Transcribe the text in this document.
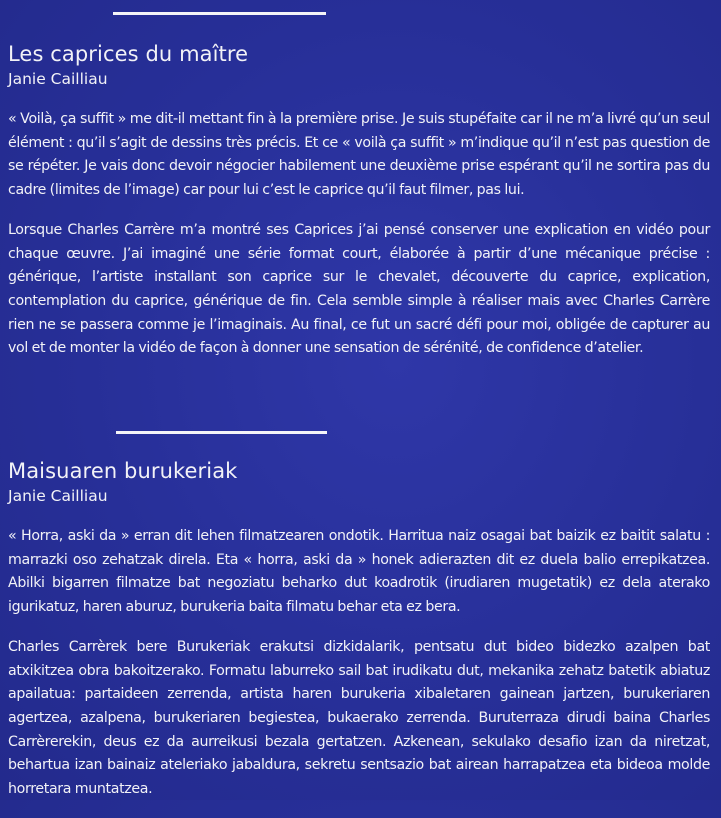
Les caprices du maître

Janie Cailliau

« Voilà, ça suffit » me dit-il mettant fin à la première prise. Je suis stupéfaite car il ne m’a livré qu’un seul élément : qu’il s’agit de dessins très précis. Et ce « voilà ça suffit » m’indique qu’il n’est pas question de se répéter. Je vais donc devoir négocier habilement une deuxième prise espérant qu’il ne sortira pas du cadre (limites de l’image) car pour lui c’est le caprice qu’il faut filmer, pas lui.

Lorsque Charles Carrère m’a montré ses Caprices j’ai pensé conserver une explication en vidéo pour chaque œuvre. J’ai imaginé une série format court, élaborée à partir d’une mécanique précise : générique, l’artiste installant son caprice sur le chevalet, découverte du caprice, explication, contemplation du caprice, générique de fin. Cela semble simple à réaliser mais avec Charles Carrère rien ne se passera comme je l’imaginais. Au final, ce fut un sacré défi pour moi, obligée de capturer au vol et de monter la vidéo de façon à donner une sensation de sérénité, de confidence d’atelier.

Maisuaren burukeriak

Janie Cailliau

« Horra, aski da » erran dit lehen filmatzearen ondotik. Harritua naiz osagai bat baizik ez baitit salatu : marrazki oso zehatzak direla. Eta « horra, aski da » honek adierazten dit ez duela balio errepikatzea. Abilki bigarren filmatze bat negoziatu beharko dut koadrotik (irudiaren mugetatik) ez dela aterako igurikatuz, haren aburuz, burukeria baita filmatu behar eta ez bera.

Charles Carrèrek bere Burukeriak erakutsi dizkidalarik, pentsatu dut bideo bidezko azalpen bat atxikitzea obra bakoitzerako. Formatu laburreko sail bat irudikatu dut, mekanika zehatz batetik abiatuz apailatua: partaideen zerrenda, artista haren burukeria xibaletaren gainean jartzen, burukeriaren agertzea, azalpena, burukeriaren begiestea, bukaerako zerrenda. Buruterraza dirudi baina Charles Carrèrerekin, deus ez da aurreikusi bezala gertatzen. Azkenean, sekulako desafio izan da niretzat, behartua izan bainaiz ateleriako jabaldura, sekretu sentsazio bat airean harrapatzea eta bideoa molde horretara muntatzea.
